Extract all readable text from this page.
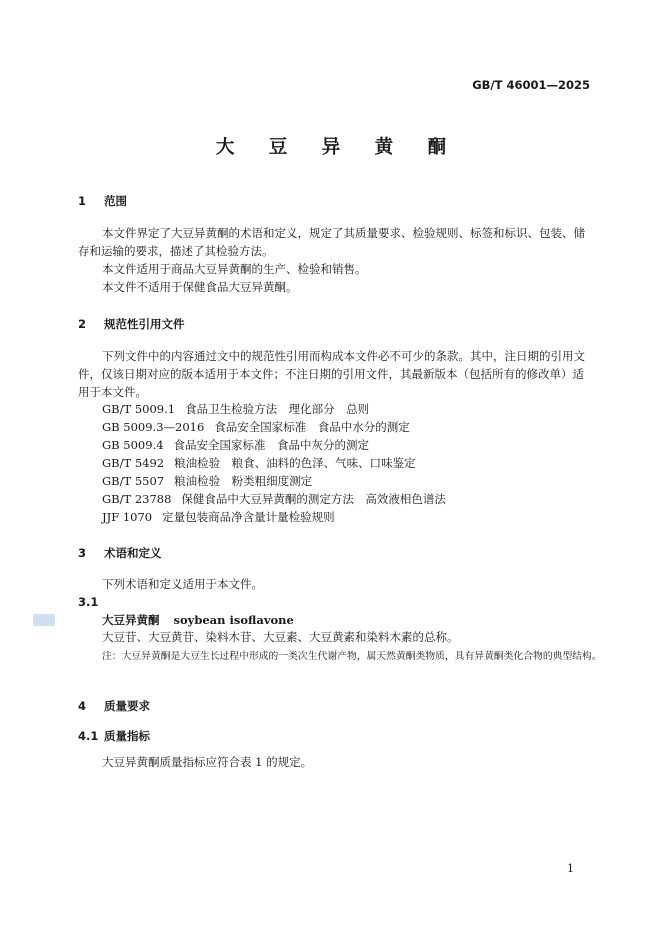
GB/T 46001—2025
大 豆 异 黄 酮
1 范围
本文件界定了大豆异黄酮的术语和定义，规定了其质量要求、检验规则、标签和标识、包装、储存和运输的要求，描述了其检验方法。
本文件适用于商品大豆异黄酮的生产、检验和销售。
本文件不适用于保健食品大豆异黄酮。
2 规范性引用文件
下列文件中的内容通过文中的规范性引用而构成本文件必不可少的条款。其中，注日期的引用文件，仅该日期对应的版本适用于本文件；不注日期的引用文件，其最新版本（包括所有的修改单）适用于本文件。
GB/T 5009.1 食品卫生检验方法　理化部分　总则
GB 5009.3—2016 食品安全国家标准　食品中水分的测定
GB 5009.4 食品安全国家标准　食品中灰分的测定
GB/T 5492 粮油检验　粮食、油料的色泽、气味、口味鉴定
GB/T 5507 粮油检验　粉类粗细度测定
GB/T 23788 保健食品中大豆异黄酮的测定方法　高效液相色谱法
JJF 1070 定量包装商品净含量计量检验规则
3 术语和定义
下列术语和定义适用于本文件。
3.1
大豆异黄酮 soybean isoflavone
大豆苷、大豆黄苷、染料木苷、大豆素、大豆黄素和染料木素的总称。
注：大豆异黄酮是大豆生长过程中形成的一类次生代谢产物，属天然黄酮类物质，具有异黄酮类化合物的典型结构。
4 质量要求
4.1 质量指标
大豆异黄酮质量指标应符合表 1 的规定。
1
